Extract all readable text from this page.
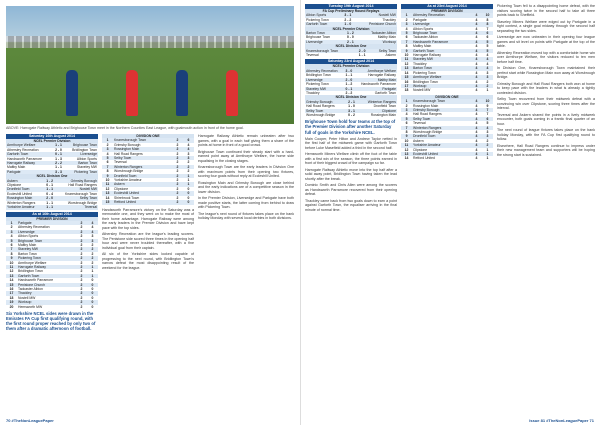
ABOVE: Harrogate Railway Athletic and Brighouse Town meet in the Northern Counties East League, with goalmouth action in front of the home goal.
Saturday 16th August 2014
NCEL Premier Division
Armthorpe Welfare	1 - 1	Brighouse Town
Athersley Recreation	2 - 0	Bridlington Town
Garforth Town	0 - 1	Liversedge
Handsworth Parramore	1 - 3	Albion Sports
Harrogate Railway	2 - 2	Barton Town
Maltby Main	1 - 1	Staveley MW
Parkgate	3 - 3	Pickering Town
NCEL Division One
Askern	1 - 2	Grimsby Borough
Clipstone	0 - 1	Hall Road Rangers
Dronfield Town	1 - 1	Nostell MW
Eccleshill United	0 - 4	Knaresborough Town
Rossington Main	2 - 0	Selby Town
Winterton Rangers	1 - 1	Worsbrough Bridge
Yorkshire Amateur	1 - 1	Teversal
As at 16th August 2014
PREMIER DIVISION
1	Parkgate	2	4
2	Athersley Recreation	2	4
3	Liversedge	2	4
4	Albion Sports	2	3
5	Brighouse Town	2	3
6	Maltby Main	2	2
7	Staveley MW	2	2
8	Barton Town	2	2
9	Pickering Town	2	2
10	Armthorpe Welfare	2	2
11	Harrogate Railway	2	1
12	Bridlington Town	2	1
13	Garforth Town	2	1
14	Handsworth Parramore	2	0
15	Penistone Church	2	0
16	Tadcaster Albion	2	0
17	Thackley	2	0
18	Nostell MW	2	0
19	Worksop	2	0
20	Hemsworth MW	2	0
Six Yorkshire NCEL sides were drawn in the Emirates FA Cup first qualifying round, with the first round proper reached by only two of them after a dramatic afternoon of football.
DIVISION ONE
1	Knaresborough Town	2	6
2	Grimsby Borough	2	4
3	Rossington Main	2	4
4	Hall Road Rangers	2	3
5	Selby Town	2	3
6	Teversal	2	2
7	Winterton Rangers	2	2
8	Worsbrough Bridge	2	2
9	Dronfield Town	2	1
10	Yorkshire Amateur	2	1
11	Askern	2	1
12	Clipstone	2	0
13	Eccleshill United	2	0
14	Shirebrook Town	2	0
15	Retford United	2	0

Handsworth Parramore's victory on the Saturday was a memorable one, and they went on to make the most of their home advantage. Harrogate Railway were among the early leaders in the Premier Division and have kept pace with the top sides.

Athersley Recreation are the league's leading scorers. The Penistone side scored three times in the opening half hour and were never troubled thereafter, with a fine individual goal from their captain.

All six of the Yorkshire sides looked capable of progressing to the next round, with Bridlington Town's narrow defeat the most disappointing result of the weekend for the league.

Harrogate Railway Athletic remain unbeaten after two games, with a goal in each half giving them a share of the points at home in front of a good crowd.

Brighouse Town continued their steady start with a hard-earned point away at Armthorpe Welfare, the home side equalising in the closing stages.

Knaresborough Town are the early leaders in Division One with maximum points from their opening two fixtures, scoring four goals without reply at Eccleshill United.

Rossington Main and Grimsby Borough are close behind and the early indications are of a competitive season in the lower division.

In the Premier Division, Liversedge and Parkgate have both made positive starts, the latter coming from behind to draw with Pickering Town.

The league's next round of fixtures takes place on the bank holiday Monday with several local derbies in both divisions.

70 #TheNonLeaguePaper
Tuesday 19th August 2014
FA Cup Preliminary Round Replays
Albion Sports	3 - 1	Nostell MW
Pickering Town	2 - 2	Thackley
Garforth Town	1 - 0	Penistone Church
NCEL Premier Division
Barton Town	1 - 2	Tadcaster Albion
Brighouse Town	0 - 0	Maltby Main
Liversedge	2 - 1	Worksop
NCEL Division One
Knaresborough Town	2 - 0	Selby Town
Teversal	1 - 1	Askern
Saturday 23rd August 2014
NCEL Premier Division
Athersley Recreation	3 - 0	Armthorpe Welfare
Bridlington Town	1 - 1	Harrogate Railway
Liversedge	2 - 0	Maltby Main
Pickering Town	1 - 2	Handsworth Parramore
Staveley MW	0 - 1	Parkgate
Thackley	2 - 2	Garforth Town
NCEL Division One
Grimsby Borough	2 - 1	Winterton Rangers
Hall Road Rangers	1 - 0	Dronfield Town
Selby Town	3 - 1	Clipstone
Worsbrough Bridge	0 - 2	Rossington Main
Brighouse Town hold four teams at the top of the Premier Division after another Saturday full of goals in the Yorkshire NCEL.

Main Cooper, Peter Hilton and Andrew Taylor netted in the first half of the midweek game with Garforth Town before Luke Masefield added a third in the second half.

Hemsworth Miners Welfare climb off the foot of the table with a first win of the season, the three points earned in front of their biggest crowd of the campaign so far.

Harrogate Railway Athletic move into the top half after a solid away point, Bridlington Town having taken the lead shortly after the break.

Dominic Smith and Chris Allen were among the scorers as Handsworth Parramore recovered from their opening defeat.

Thackley came back from two goals down to earn a point against Garforth Town, the equaliser arriving in the final minute of normal time.

As at 23rd August 2014
PREMIER DIVISION
1	Athersley Recreation	4	10
2	Parkgate	4	8
3	Liversedge	4	8
4	Albion Sports	4	7
5	Brighouse Town	4	6
6	Tadcaster Albion	4	6
7	Handsworth Parramore	4	5
8	Maltby Main	4	5
9	Garforth Town	4	5
10	Harrogate Railway	4	4
11	Staveley MW	4	4
12	Thackley	4	4
13	Barton Town	4	4
14	Pickering Town	4	3
15	Armthorpe Welfare	4	3
16	Bridlington Town	4	2
17	Worksop	4	2
18	Nostell MW	4	1
DIVISION ONE
1	Knaresborough Town	4	10
2	Rossington Main	4	9
3	Grimsby Borough	4	7
4	Hall Road Rangers	4	7
5	Selby Town	4	6
6	Teversal	4	5
7	Winterton Rangers	4	4
8	Worsbrough Bridge	4	3
9	Dronfield Town	4	3
10	Askern	4	2
11	Yorkshire Amateur	4	2
12	Clipstone	4	1
13	Eccleshill United	4	1
14	Retford United	4	1

Pickering Town fell to a disappointing home defeat, with the visitors scoring twice in the second half to take all three points back to Sheffield.

Staveley Miners Welfare were edged out by Parkgate in a tight contest, a single goal midway through the second half separating the two sides.

Liversedge are now unbeaten in their opening four league games and sit level on points with Parkgate at the top of the table.

Athersley Recreation moved top with a comfortable home win over Armthorpe Welfare, the visitors reduced to ten men before half time.

In Division One, Knaresborough Town maintained their perfect start while Rossington Main won away at Worsbrough Bridge.

Grimsby Borough and Hall Road Rangers both won at home to keep pace with the leaders in what is already a tightly contested division.

Selby Town recovered from their midweek defeat with a convincing win over Clipstone, scoring three times after the interval.

Teversal and Askern shared the points in a lively midweek encounter, both goals coming in a frantic final quarter of an hour.

The next round of league fixtures takes place on the bank holiday Monday, with the FA Cup first qualifying round to follow.

Elsewhere, Hall Road Rangers continue to impress under their new management team and supporters will be hoping the strong start is sustained.

Issue 81 #TheNonLeaguePaper 71
